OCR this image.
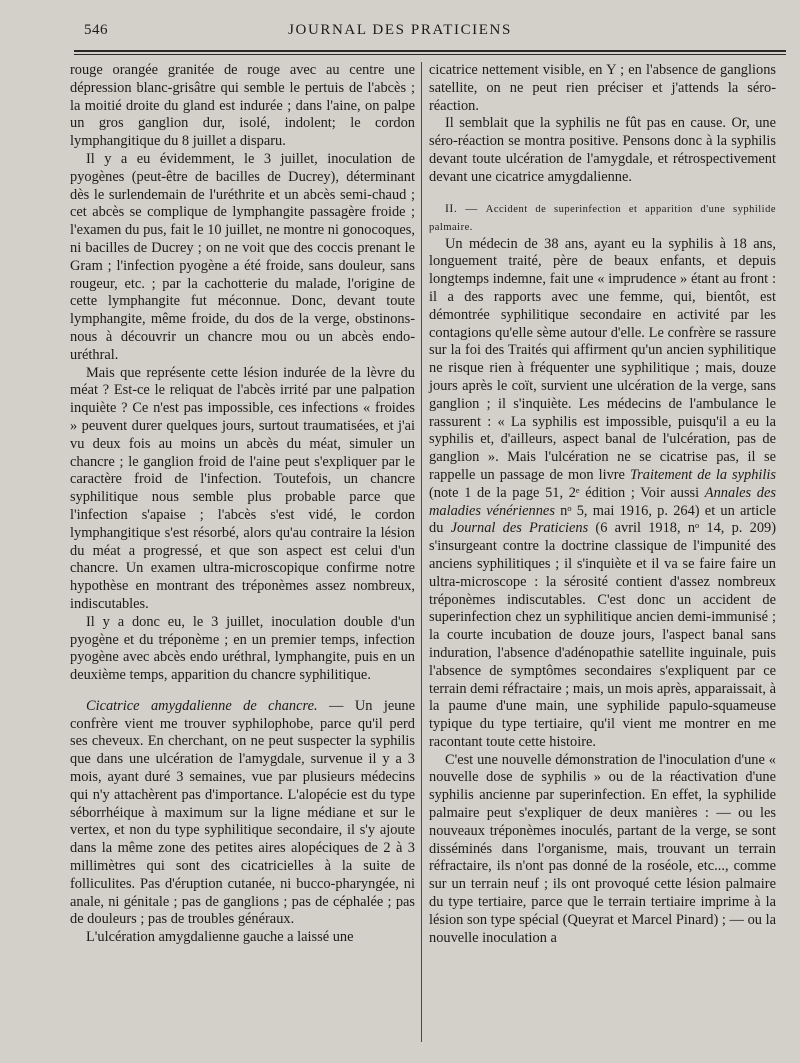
546	JOURNAL DES PRATICIENS

rouge orangée granitée de rouge avec au centre une dépression blanc-grisâtre qui semble le pertuis de l'abcès ; la moitié droite du gland est indurée ; dans l'aine, on palpe un gros ganglion dur, isolé, indolent; le cordon lymphangitique du 8 juillet a disparu.

Il y a eu évidemment, le 3 juillet, inoculation de pyogènes (peut-être de bacilles de Ducrey), déterminant dès le surlendemain de l'uréthrite et un abcès semi-chaud ; cet abcès se complique de lymphangite passagère froide ; l'examen du pus, fait le 10 juillet, ne montre ni gonocoques, ni bacilles de Ducrey ; on ne voit que des coccis prenant le Gram ; l'infection pyogène a été froide, sans douleur, sans rougeur, etc. ; par la cachotterie du malade, l'origine de cette lymphangite fut méconnue. Donc, devant toute lymphangite, même froide, du dos de la verge, obstinons-nous à découvrir un chancre mou ou un abcès endo-uréthral.

Mais que représente cette lésion indurée de la lèvre du méat ? Est-ce le reliquat de l'abcès irrité par une palpation inquiète ? Ce n'est pas impossible, ces infections « froides » peuvent durer quelques jours, surtout traumatisées, et j'ai vu deux fois au moins un abcès du méat, simuler un chancre ; le ganglion froid de l'aine peut s'expliquer par le caractère froid de l'infection. Toutefois, un chancre syphilitique nous semble plus probable parce que l'infection s'apaise ; l'abcès s'est vidé, le cordon lymphangitique s'est résorbé, alors qu'au contraire la lésion du méat a progressé, et que son aspect est celui d'un chancre. Un examen ultra-microscopique confirme notre hypothèse en montrant des tréponèmes assez nombreux, indiscutables.

Il y a donc eu, le 3 juillet, inoculation double d'un pyogène et du tréponème ; en un premier temps, infection pyogène avec abcès endo uréthral, lymphangite, puis en un deuxième temps, apparition du chancre syphilitique.

Cicatrice amygdalienne de chancre. — Un jeune confrère vient me trouver syphilophobe, parce qu'il perd ses cheveux. En cherchant, on ne peut suspecter la syphilis que dans une ulcération de l'amygdale, survenue il y a 3 mois, ayant duré 3 semaines, vue par plusieurs médecins qui n'y attachèrent pas d'importance. L'alopécie est du type séborrhéique à maximum sur la ligne médiane et sur le vertex, et non du type syphilitique secondaire, il s'y ajoute dans la même zone des petites aires alopéciques de 2 à 3 millimètres qui sont des cicatricielles à la suite de folliculites. Pas d'éruption cutanée, ni bucco-pharyngée, ni anale, ni génitale ; pas de ganglions ; pas de céphalée ; pas de douleurs ; pas de troubles généraux.

L'ulcération amygdalienne gauche a laissé une

cicatrice nettement visible, en Y ; en l'absence de ganglions satellite, on ne peut rien préciser et j'attends la séro-réaction.

Il semblait que la syphilis ne fût pas en cause. Or, une séro-réaction se montra positive. Pensons donc à la syphilis devant toute ulcération de l'amygdale, et rétrospectivement devant une cicatrice amygdalienne.

II. — Accident de superinfection et apparition d'une syphilide palmaire.

Un médecin de 38 ans, ayant eu la syphilis à 18 ans, longuement traité, père de beaux enfants, et depuis longtemps indemne, fait une « imprudence » étant au front : il a des rapports avec une femme, qui, bientôt, est démontrée syphilitique secondaire en activité par les contagions qu'elle sème autour d'elle. Le confrère se rassure sur la foi des Traités qui affirment qu'un ancien syphilitique ne risque rien à fréquenter une syphilitique ; mais, douze jours après le coït, survient une ulcération de la verge, sans ganglion ; il s'inquiète. Les médecins de l'ambulance le rassurent : « La syphilis est impossible, puisqu'il a eu la syphilis et, d'ailleurs, aspect banal de l'ulcération, pas de ganglion ». Mais l'ulcération ne se cicatrise pas, il se rappelle un passage de mon livre Traitement de la syphilis (note 1 de la page 51, 2ᵉ édition ; Voir aussi Annales des maladies vénériennes nᵒ 5, mai 1916, p. 264) et un article du Journal des Praticiens (6 avril 1918, nᵒ 14, p. 209) s'insurgeant contre la doctrine classique de l'impunité des anciens syphilitiques ; il s'inquiète et il va se faire faire un ultra-microscope : la sérosité contient d'assez nombreux tréponèmes indiscutables. C'est donc un accident de superinfection chez un syphilitique ancien demi-immunisé ; la courte incubation de douze jours, l'aspect banal sans induration, l'absence d'adénopathie satellite inguinale, puis l'absence de symptômes secondaires s'expliquent par ce terrain demi réfractaire ; mais, un mois après, apparaissait, à la paume d'une main, une syphilide papulo-squameuse typique du type tertiaire, qu'il vient me montrer en me racontant toute cette histoire.

C'est une nouvelle démonstration de l'inoculation d'une « nouvelle dose de syphilis » ou de la réactivation d'une syphilis ancienne par superinfection. En effet, la syphilide palmaire peut s'expliquer de deux manières : — ou les nouveaux tréponèmes inoculés, partant de la verge, se sont disséminés dans l'organisme, mais, trouvant un terrain réfractaire, ils n'ont pas donné de la roséole, etc..., comme sur un terrain neuf ; ils ont provoqué cette lésion palmaire du type tertiaire, parce que le terrain tertiaire imprime à la lésion son type spécial (Queyrat et Marcel Pinard) ; — ou la nouvelle inoculation a
